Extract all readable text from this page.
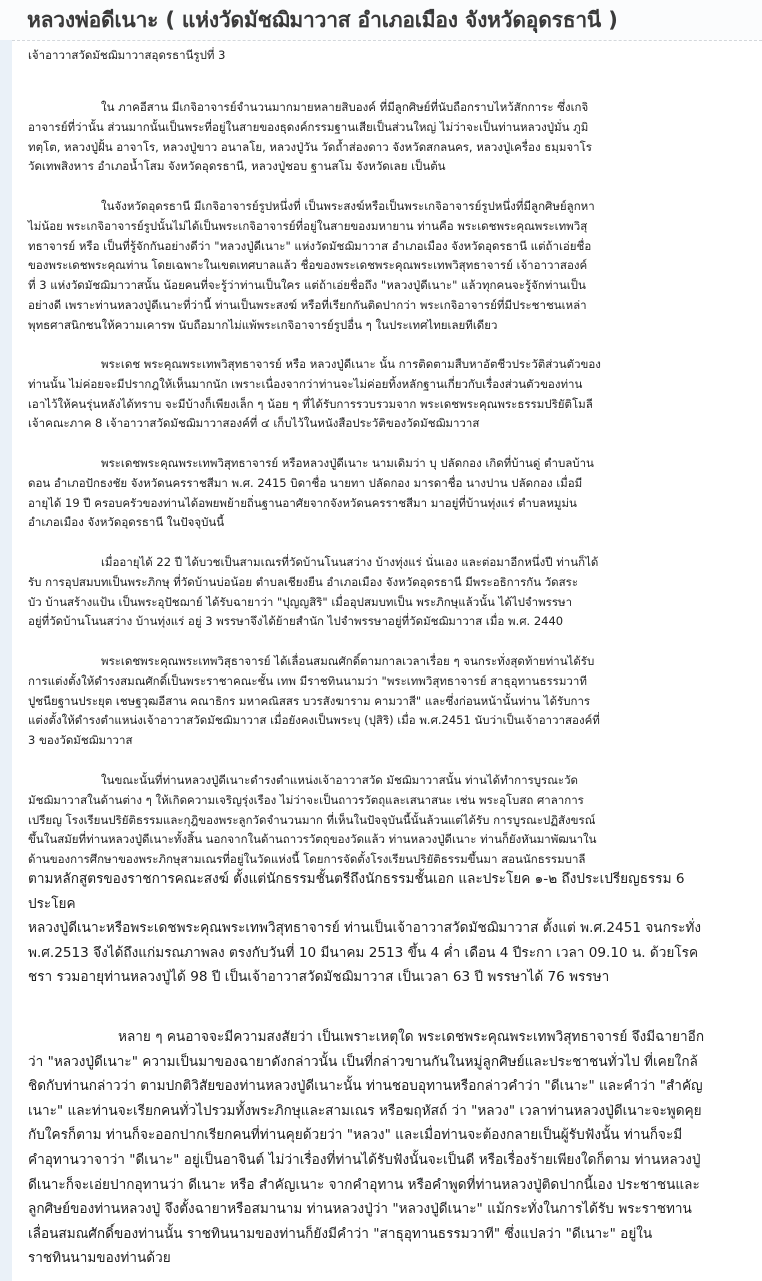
หลวงพ่อดีเนาะ ( แห่งวัดมัชฌิมาวาส อำเภอเมือง จังหวัดอุดรธานี )
เจ้าอาวาสวัดมัชฌิมาวาสอุดรธานีรูปที่ 3
ใน ภาคอีสาน มีเกจิอาจารย์จำนวนมากมายหลายสิบองค์ ที่มีลูกศิษย์ที่นับถือกราบไหว้สักการะ ซึ่งเกจิ
อาจารย์ที่ว่านั้น ส่วนมากนั้นเป็นพระที่อยู่ในสายของธุดงค์กรรมฐานเสียเป็นส่วนใหญ่ ไม่ว่าจะเป็นท่านหลวงปู่มั่น ภูมิ
ทตฺโต, หลวงปู่ฝั้น อาจาโร, หลวงปู่ขาว อนาลโย, หลวงปู่วัน วัดถ้ำส่องดาว จังหวัดสกลนคร, หลวงปู่เครื่อง ธมฺมจาโร
วัดเทพสิงหาร อำเภอน้ำโสม จังหวัดอุดรธานี, หลวงปู่ชอบ ฐานสโม จังหวัดเลย เป็นต้น
ในจังหวัดอุดรธานี มีเกจิอาจารย์รูปหนึ่งที่ เป็นพระสงฆ์หรือเป็นพระเกจิอาจารย์รูปหนึ่งที่มีลูกศิษย์ลูกหา
ไม่น้อย พระเกจิอาจารย์รูปนั้นไม่ได้เป็นพระเกจิอาจารย์ที่อยู่ในสายของมหายาน ท่านคือ พระเดชพระคุณพระเทพวิสุ
ทธาจารย์ หรือ เป็นที่รู้จักกันอย่างดีว่า "หลวงปู่ดีเนาะ" แห่งวัดมัชฌิมาวาส อำเภอเมือง จังหวัดอุดรธานี แต่ถ้าเอ่ยชื่อ
ของพระเดชพระคุณท่าน โดยเฉพาะในเขตเทศบาลแล้ว ชื่อของพระเดชพระคุณพระเทพวิสุทธาจารย์ เจ้าอาวาสองค์
ที่ 3 แห่งวัดมัชฌิมาวาสนั้น น้อยคนที่จะรู้ว่าท่านเป็นใคร แต่ถ้าเอ่ยชื่อถึง "หลวงปู่ดีเนาะ" แล้วทุกคนจะรู้จักท่านเป็น
อย่างดี เพราะท่านหลวงปู่ดีเนาะที่ว่านี้ ท่านเป็นพระสงฆ์ หรือที่เรียกกันติดปากว่า พระเกจิอาจารย์ที่มีประชาชนเหล่า
พุทธศาสนิกชนให้ความเคารพ นับถือมากไม่แพ้พระเกจิอาจารย์รูปอื่น ๆ ในประเทศไทยเลยทีเดียว
พระเดช พระคุณพระเทพวิสุทธาจารย์ หรือ หลวงปู่ดีเนาะ นั้น การติดตามสืบหาอัตชีวประวัติส่วนตัวของ
ท่านนั้น ไม่ค่อยจะมีปรากฎให้เห็นมากนัก เพราะเนื่องจากว่าท่านจะไม่ค่อยทิ้งหลักฐานเกี่ยวกับเรื่องส่วนตัวของท่าน
เอาไว้ให้คนรุ่นหลังได้ทราบ จะมีบ้างก็เพียงเล็ก ๆ น้อย ๆ ที่ได้รับการรวบรวมจาก พระเดชพระคุณพระธรรมปริยัติโมลี
เจ้าคณะภาค 8 เจ้าอาวาสวัดมัชฌิมาวาสองค์ที่ ๔ เก็บไว้ในหนังสือประวัติของวัดมัชฌิมาวาส
พระเดชพระคุณพระเทพวิสุทธาจารย์ หรือหลวงปู่ดีเนาะ นามเดิมว่า บุ ปลัดกอง เกิดที่บ้านดู่ ตำบลบ้าน
ดอน อำเภอปักธงชัย จังหวัดนครราชสีมา พ.ศ. 2415 บิดาชื่อ นายทา ปลัดกอง มารดาชื่อ นางปาน ปลัดกอง เมื่อมี
อายุได้ 19 ปี ครอบครัวของท่านได้อพยพย้ายถิ่นฐานอาศัยจากจังหวัดนครราชสีมา มาอยู่ที่บ้านทุ่งแร่ ตำบลหมูม่น
อำเภอเมือง จังหวัดอุดรธานี ในปัจจุบันนี้
เมื่ออายุได้ 22 ปี ได้บวชเป็นสามเณรที่วัดบ้านโนนสว่าง บ้างทุ่งแร่ นั่นเอง และต่อมาอีกหนึ่งปี ท่านก็ได้
รับ การอุปสมบทเป็นพระภิกษุ ที่วัดบ้านบ่อน้อย ตำบลเชียงยืน อำเภอเมือง จังหวัดอุดรธานี มีพระอธิการกัน วัดสระ
บัว บ้านสร้างแป้น เป็นพระอุปัชฌาย์ ได้รับฉายาว่า "ปุญญสิริ" เมื่ออุปสมบทเป็น พระภิกษุแล้วนั้น ได้ไปจำพรรษา
อยู่ที่วัดบ้านโนนสว่าง บ้านทุ่งแร่ อยู่ 3 พรรษาจึงได้ย้ายสำนัก ไปจำพรรษาอยู่ที่วัดมัชฌิมาวาส เมื่อ พ.ศ. 2440
พระเดชพระคุณพระเทพวิสุธาจารย์ ได้เลื่อนสมณศักดิ์ตามกาลเวลาเรื่อย ๆ จนกระทั่งสุดท้ายท่านได้รับ
การแต่งตั้งให้ดำรงสมณศักดิ์เป็นพระราชาคณะชั้น เทพ มีราชทินนามว่า "พระเทพวิสุทธาจารย์ สาธุอุทานธรรมวาที
ปูชนียฐานประยุต เชษฐวุฒอีสาน คณาธิกร มหาคณิสสร บวรสังฆาราม คามวาสี" และซึ่งก่อนหน้านั้นท่าน ได้รับการ
แต่งตั้งให้ดำรงตำแหน่งเจ้าอาวาสวัดมัชฌิมาวาส เมื่อยังคงเป็นพระบุ (ปุสิริ) เมื่อ พ.ศ.2451 นับว่าเป็นเจ้าอาวาสองค์ที่
3 ของวัดมัชฌิมาวาส
ในขณะนั้นที่ท่านหลวงปู่ดีเนาะดำรงตำแหน่งเจ้าอาวาสวัด มัชฌิมาวาสนั้น ท่านได้ทำการบูรณะวัด
มัชฌิมาวาสในด้านต่าง ๆ ให้เกิดความเจริญรุ่งเรือง ไม่ว่าจะเป็นถาวรวัตถุและเสนาสนะ เช่น พระอุโบสถ ศาลาการ
เปรียญ โรงเรียนปริยัติธรรมและกุฎิของพระลูกวัดจำนวนมาก ที่เห็นในปัจจุบันนี้นั้นล้วนแต่ได้รับ การบูรณะปฏิสังขรณ์
ขึ้นในสมัยที่ท่านหลวงปู่ดีเนาะทั้งสิ้น นอกจากในด้านถาวรวัตถุของวัดแล้ว ท่านหลวงปู่ดีเนาะ ท่านก็ยังหันมาพัฒนาใน
ด้านของการศึกษาของพระภิกษุสามเณรที่อยู่ในวัดแห่งนี้ โดยการจัดตั้งโรงเรียนปริยัติธรรมขึ้นมา สอนนักธรรมบาลี
ตามหลักสูตรของราชการคณะสงฆ์ ตั้งแต่นักธรรมชั้นตรีถึงนักธรรมชั้นเอก และประโยค ๑-๒ ถึงประเปรียญธรรม 6
ประโยค
หลวงปู่ดีเนาะหรือพระเดชพระคุณพระเทพวิสุทธาจารย์ ท่านเป็นเจ้าอาวาสวัดมัชฌิมาวาส ตั้งแต่ พ.ศ.2451 จนกระทั่ง
พ.ศ.2513 จึงได้ถึงแก่มรณภาพลง ตรงกับวันที่ 10 มีนาคม 2513 ขึ้น 4 ค่ำ เดือน 4 ปีระกา เวลา 09.10 น. ด้วยโรค
ชรา รวมอายุท่านหลวงปู่ได้ 98 ปี เป็นเจ้าอาวาสวัดมัชฌิมาวาส เป็นเวลา 63 ปี พรรษาได้ 76 พรรษา
หลาย ๆ คนอาจจะมีความสงสัยว่า เป็นเพราะเหตุใด พระเดชพระคุณพระเทพวิสุทธาจารย์ จึงมีฉายาอีก
ว่า "หลวงปู่ดีเนาะ" ความเป็นมาของฉายาดังกล่าวนั้น เป็นที่กล่าวขานกันในหมู่ลูกศิษย์และประชาชนทั่วไป ที่เคยใกล้
ชิดกับท่านกล่าวว่า ตามปกติวิสัยของท่านหลวงปู่ดีเนาะนั้น ท่านชอบอุทานหรือกล่าวคำว่า "ดีเนาะ" และคำว่า "สำคัญ
เนาะ" และท่านจะเรียกคนทั่วไปรวมทั้งพระภิกษุและสามเณร หรือฆฤหัสถ์ ว่า "หลวง" เวลาท่านหลวงปู่ดีเนาะจะพูดคุย
กับใครก็ตาม ท่านก็จะออกปากเรียกคนที่ท่านคุยด้วยว่า "หลวง" และเมื่อท่านจะต้องกลายเป็นผู้รับฟังนั้น ท่านก็จะมี
คำอุทานวาจาว่า "ดีเนาะ" อยู่เป็นอาจินต์ ไม่ว่าเรื่องที่ท่านได้รับฟังนั้นจะเป็นดี หรือเรื่องร้ายเพียงใดก็ตาม ท่านหลวงปู่
ดีเนาะก็จะเอ่ยปากอุทานว่า ดีเนาะ หรือ สำคัญเนาะ จากคำอุทาน หรือคำพูดที่ท่านหลวงปู่ติดปากนี้เอง ประชาชนและ
ลูกศิษย์ของท่านหลวงปู่ จึงตั้งฉายาหรือสมานาม ท่านหลวงปู่ว่า "หลวงปู่ดีเนาะ" แม้กระทั่งในการได้รับ พระราชทาน
เลื่อนสมณศักดิ์ของท่านนั้น ราชทินนามของท่านก็ยังมีคำว่า "สาธุอุทานธรรมวาที" ซึ่งแปลว่า "ดีเนาะ" อยู่ใน
ราชทินนามของท่านด้วย
